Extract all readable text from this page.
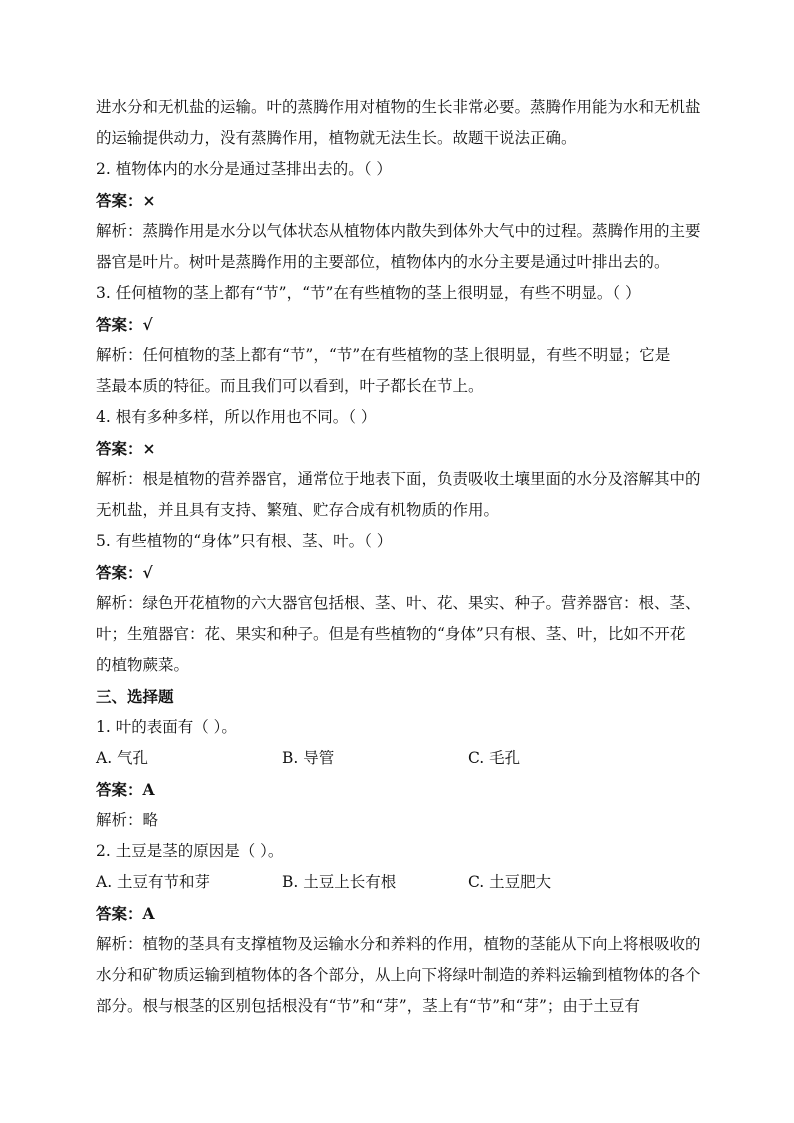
进水分和无机盐的运输。叶的蒸腾作用对植物的生长非常必要。蒸腾作用能为水和无机盐
的运输提供动力，没有蒸腾作用，植物就无法生长。故题干说法正确。
2. 植物体内的水分是通过茎排出去的。（ ）
答案：×
解析：蒸腾作用是水分以气体状态从植物体内散失到体外大气中的过程。蒸腾作用的主要
器官是叶片。树叶是蒸腾作用的主要部位，植物体内的水分主要是通过叶排出去的。
3. 任何植物的茎上都有“节”，“节”在有些植物的茎上很明显，有些不明显。（ ）
答案：√
解析：任何植物的茎上都有“节”，“节”在有些植物的茎上很明显，有些不明显；它是
茎最本质的特征。而且我们可以看到，叶子都长在节上。
4. 根有多种多样，所以作用也不同。（ ）
答案：×
解析：根是植物的营养器官，通常位于地表下面，负责吸收土壤里面的水分及溶解其中的
无机盐，并且具有支持、繁殖、贮存合成有机物质的作用。
5. 有些植物的“身体”只有根、茎、叶。（ ）
答案：√
解析：绿色开花植物的六大器官包括根、茎、叶、花、果实、种子。营养器官：根、茎、
叶；生殖器官：花、果实和种子。但是有些植物的“身体”只有根、茎、叶，比如不开花
的植物蕨菜。
三、选择题
1. 叶的表面有（ ）。
A. 气孔	B. 导管	C. 毛孔
答案：A
解析：略
2. 土豆是茎的原因是（ ）。
A. 土豆有节和芽	B. 土豆上长有根	C. 土豆肥大
答案：A
解析：植物的茎具有支撑植物及运输水分和养料的作用，植物的茎能从下向上将根吸收的
水分和矿物质运输到植物体的各个部分，从上向下将绿叶制造的养料运输到植物体的各个
部分。根与根茎的区别包括根没有“节”和“芽”，茎上有“节”和“芽”；由于土豆有
